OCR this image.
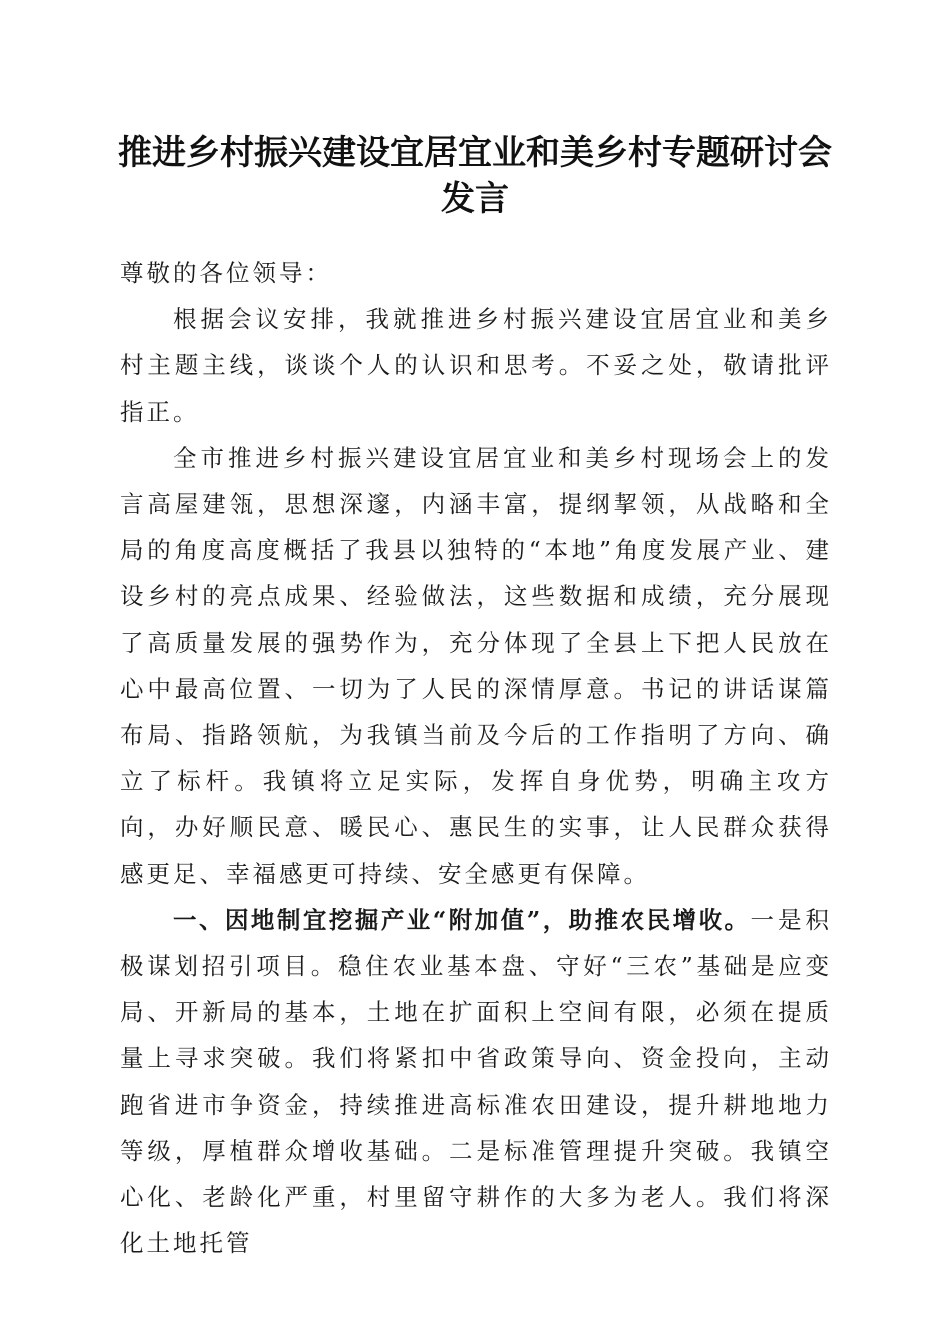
推进乡村振兴建设宜居宜业和美乡村专题研讨会发言

尊敬的各位领导：

根据会议安排，我就推进乡村振兴建设宜居宜业和美乡村主题主线，谈谈个人的认识和思考。不妥之处，敬请批评指正。

全市推进乡村振兴建设宜居宜业和美乡村现场会上的发言高屋建瓴，思想深邃，内涵丰富，提纲挈领，从战略和全局的角度高度概括了我县以独特的“本地”角度发展产业、建设乡村的亮点成果、经验做法，这些数据和成绩，充分展现了高质量发展的强势作为，充分体现了全县上下把人民放在心中最高位置、一切为了人民的深情厚意。书记的讲话谋篇布局、指路领航，为我镇当前及今后的工作指明了方向、确立了标杆。我镇将立足实际，发挥自身优势，明确主攻方向，办好顺民意、暖民心、惠民生的实事，让人民群众获得感更足、幸福感更可持续、安全感更有保障。

一、因地制宜挖掘产业“附加值”，助推农民增收。一是积极谋划招引项目。稳住农业基本盘、守好“三农”基础是应变局、开新局的基本，土地在扩面积上空间有限，必须在提质量上寻求突破。我们将紧扣中省政策导向、资金投向，主动跑省进市争资金，持续推进高标准农田建设，提升耕地地力等级，厚植群众增收基础。二是标准管理提升突破。我镇空心化、老龄化严重，村里留守耕作的大多为老人。我们将深化土地托管
